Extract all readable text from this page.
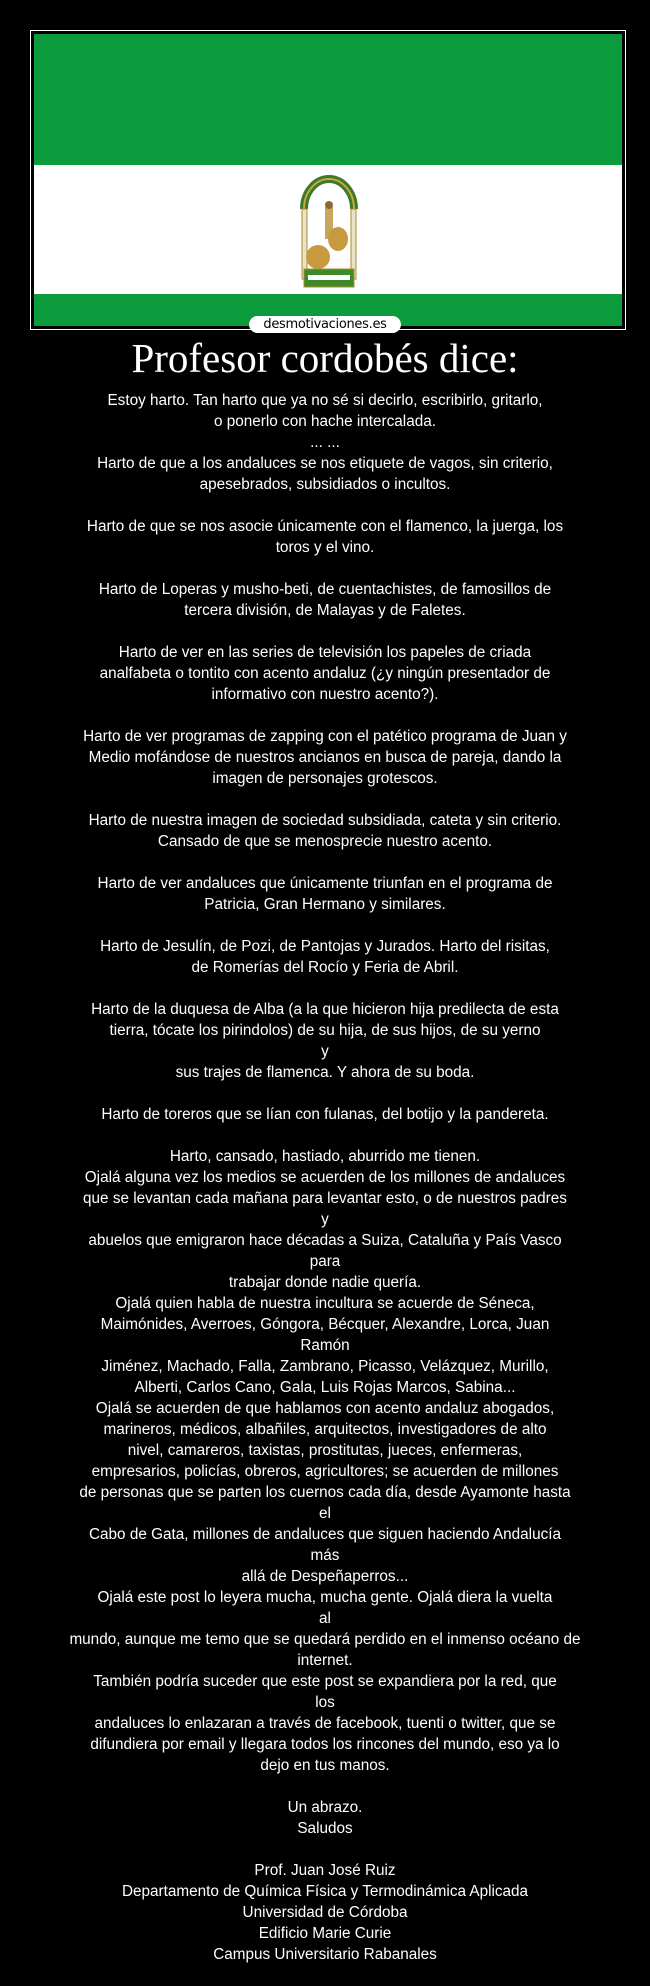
desmotivaciones.es
Profesor cordobés dice:
Estoy harto. Tan harto que ya no sé si decirlo, escribirlo, gritarlo,
o ponerlo con hache intercalada.
... ...
Harto de que a los andaluces se nos etiquete de vagos, sin criterio,
apesebrados, subsidiados o incultos.
Harto de que se nos asocie únicamente con el flamenco, la juerga, los
toros y el vino.
Harto de Loperas y musho-beti, de cuentachistes, de famosillos de
tercera división, de Malayas y de Faletes.
Harto de ver en las series de televisión los papeles de criada
analfabeta o tontito con acento andaluz (¿y ningún presentador de
informativo con nuestro acento?).
Harto de ver programas de zapping con el patético programa de Juan y
Medio mofándose de nuestros ancianos en busca de pareja, dando la
imagen de personajes grotescos.
Harto de nuestra imagen de sociedad subsidiada, cateta y sin criterio.
Cansado de que se menosprecie nuestro acento.
Harto de ver andaluces que únicamente triunfan en el programa de
Patricia, Gran Hermano y similares.
Harto de Jesulín, de Pozi, de Pantojas y Jurados. Harto del risitas,
de Romerías del Rocío y Feria de Abril.
Harto de la duquesa de Alba (a la que hicieron hija predilecta de esta
tierra, tócate los pirindolos) de su hija, de sus hijos, de su yerno
y
sus trajes de flamenca. Y ahora de su boda.
Harto de toreros que se lían con fulanas, del botijo y la pandereta.
Harto, cansado, hastiado, aburrido me tienen.
Ojalá alguna vez los medios se acuerden de los millones de andaluces
que se levantan cada mañana para levantar esto, o de nuestros padres
y
abuelos que emigraron hace décadas a Suiza, Cataluña y País Vasco
para
trabajar donde nadie quería.
Ojalá quien habla de nuestra incultura se acuerde de Séneca,
Maimónides, Averroes, Góngora, Bécquer, Alexandre, Lorca, Juan
Ramón
Jiménez, Machado, Falla, Zambrano, Picasso, Velázquez, Murillo,
Alberti, Carlos Cano, Gala, Luis Rojas Marcos, Sabina...
Ojalá se acuerden de que hablamos con acento andaluz abogados,
marineros, médicos, albañiles, arquitectos, investigadores de alto
nivel, camareros, taxistas, prostitutas, jueces, enfermeras,
empresarios, policías, obreros, agricultores; se acuerden de millones
de personas que se parten los cuernos cada día, desde Ayamonte hasta
el
Cabo de Gata, millones de andaluces que siguen haciendo Andalucía
más
allá de Despeñaperros...
Ojalá este post lo leyera mucha, mucha gente. Ojalá diera la vuelta
al
mundo, aunque me temo que se quedará perdido en el inmenso océano de
internet.
También podría suceder que este post se expandiera por la red, que
los
andaluces lo enlazaran a través de facebook, tuenti o twitter, que se
difundiera por email y llegara todos los rincones del mundo, eso ya lo
dejo en tus manos.
Un abrazo.
Saludos
Prof. Juan José Ruiz
Departamento de Química Física y Termodinámica Aplicada
Universidad de Córdoba
Edificio Marie Curie
Campus Universitario Rabanales
